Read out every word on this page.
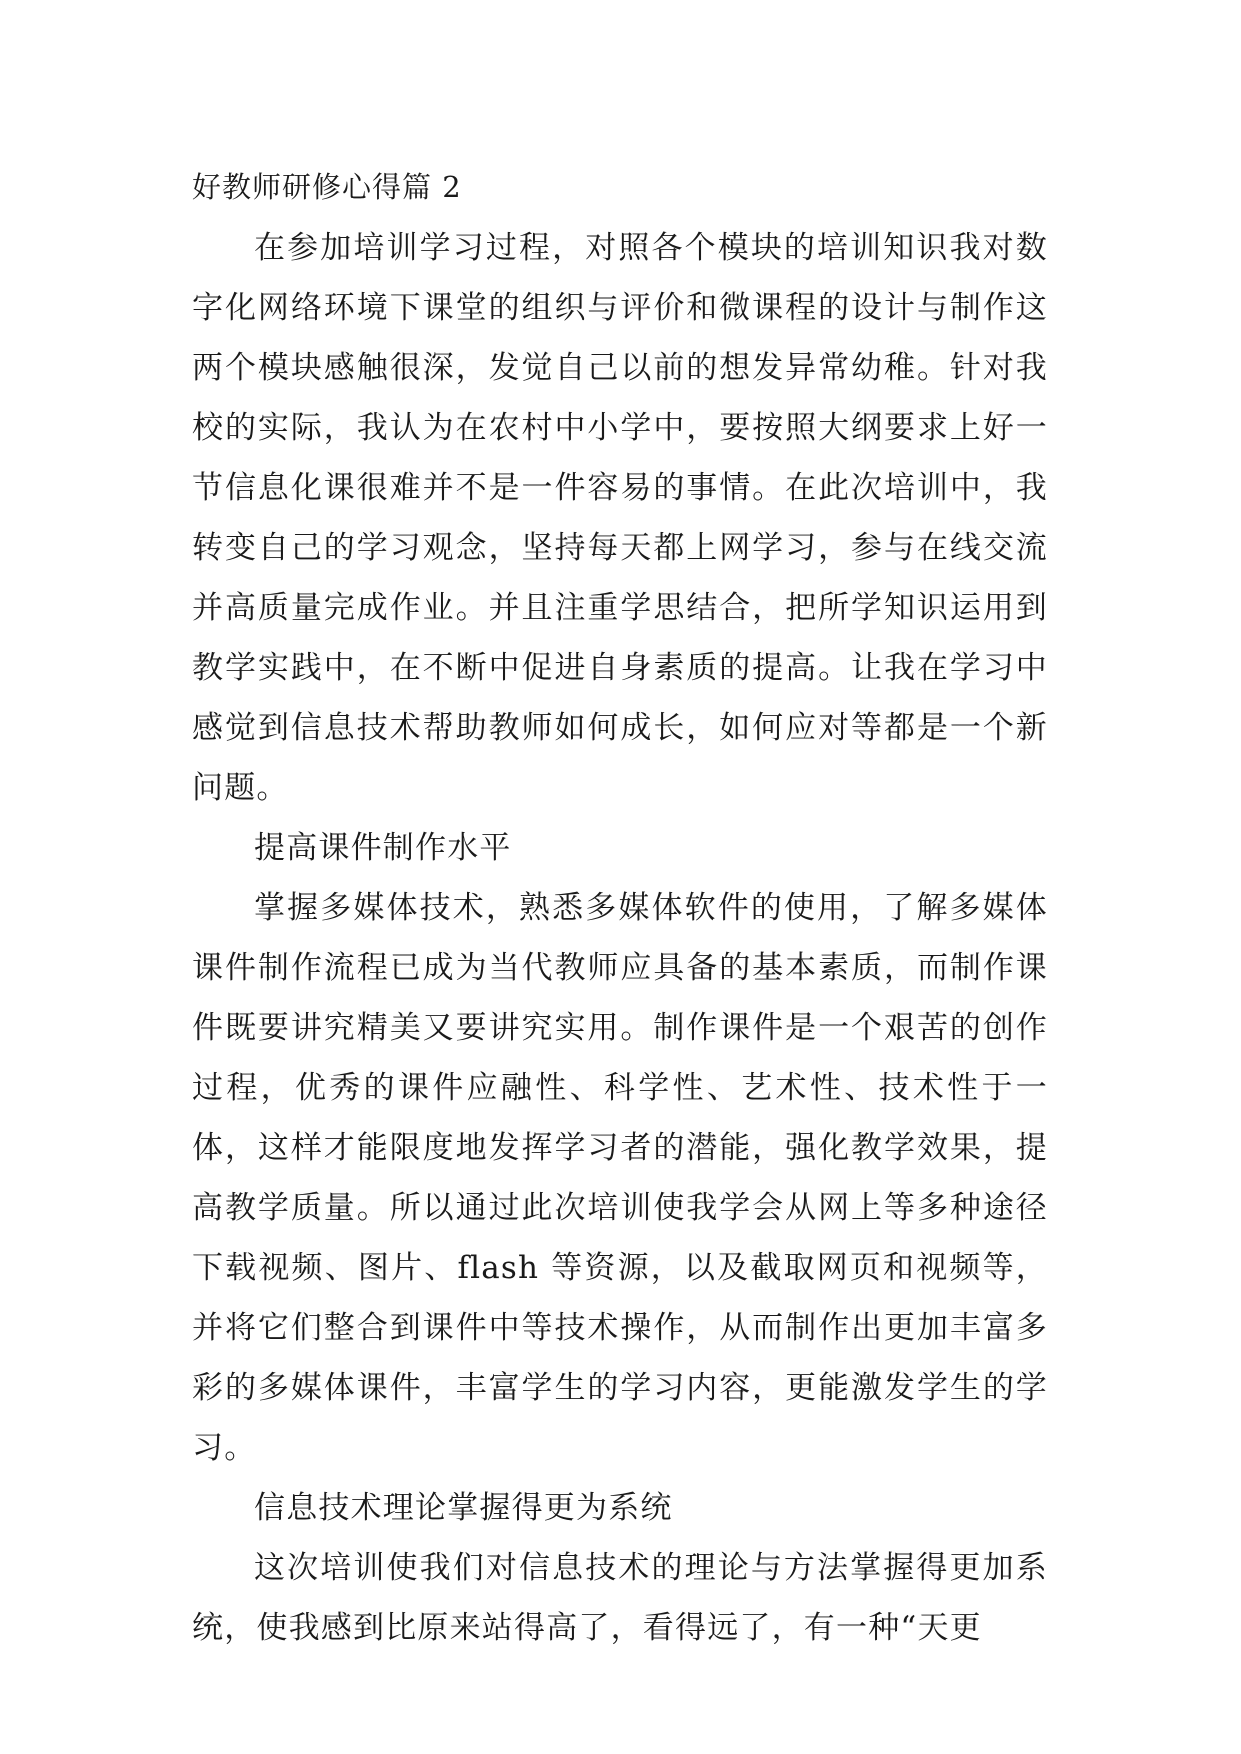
好教师研修心得篇 2

在参加培训学习过程，对照各个模块的培训知识我对数字化网络环境下课堂的组织与评价和微课程的设计与制作这两个模块感触很深，发觉自己以前的想发异常幼稚。针对我校的实际，我认为在农村中小学中，要按照大纲要求上好一节信息化课很难并不是一件容易的事情。在此次培训中，我转变自己的学习观念，坚持每天都上网学习，参与在线交流并高质量完成作业。并且注重学思结合，把所学知识运用到教学实践中，在不断中促进自身素质的提高。让我在学习中感觉到信息技术帮助教师如何成长，如何应对等都是一个新问题。

提高课件制作水平

掌握多媒体技术，熟悉多媒体软件的使用，了解多媒体课件制作流程已成为当代教师应具备的基本素质，而制作课件既要讲究精美又要讲究实用。制作课件是一个艰苦的创作过程，优秀的课件应融性、科学性、艺术性、技术性于一体，这样才能限度地发挥学习者的潜能，强化教学效果，提高教学质量。所以通过此次培训使我学会从网上等多种途径下载视频、图片、flash 等资源，以及截取网页和视频等，并将它们整合到课件中等技术操作，从而制作出更加丰富多彩的多媒体课件，丰富学生的学习内容，更能激发学生的学习。

信息技术理论掌握得更为系统

这次培训使我们对信息技术的理论与方法掌握得更加系统，使我感到比原来站得高了，看得远了，有一种“天更
